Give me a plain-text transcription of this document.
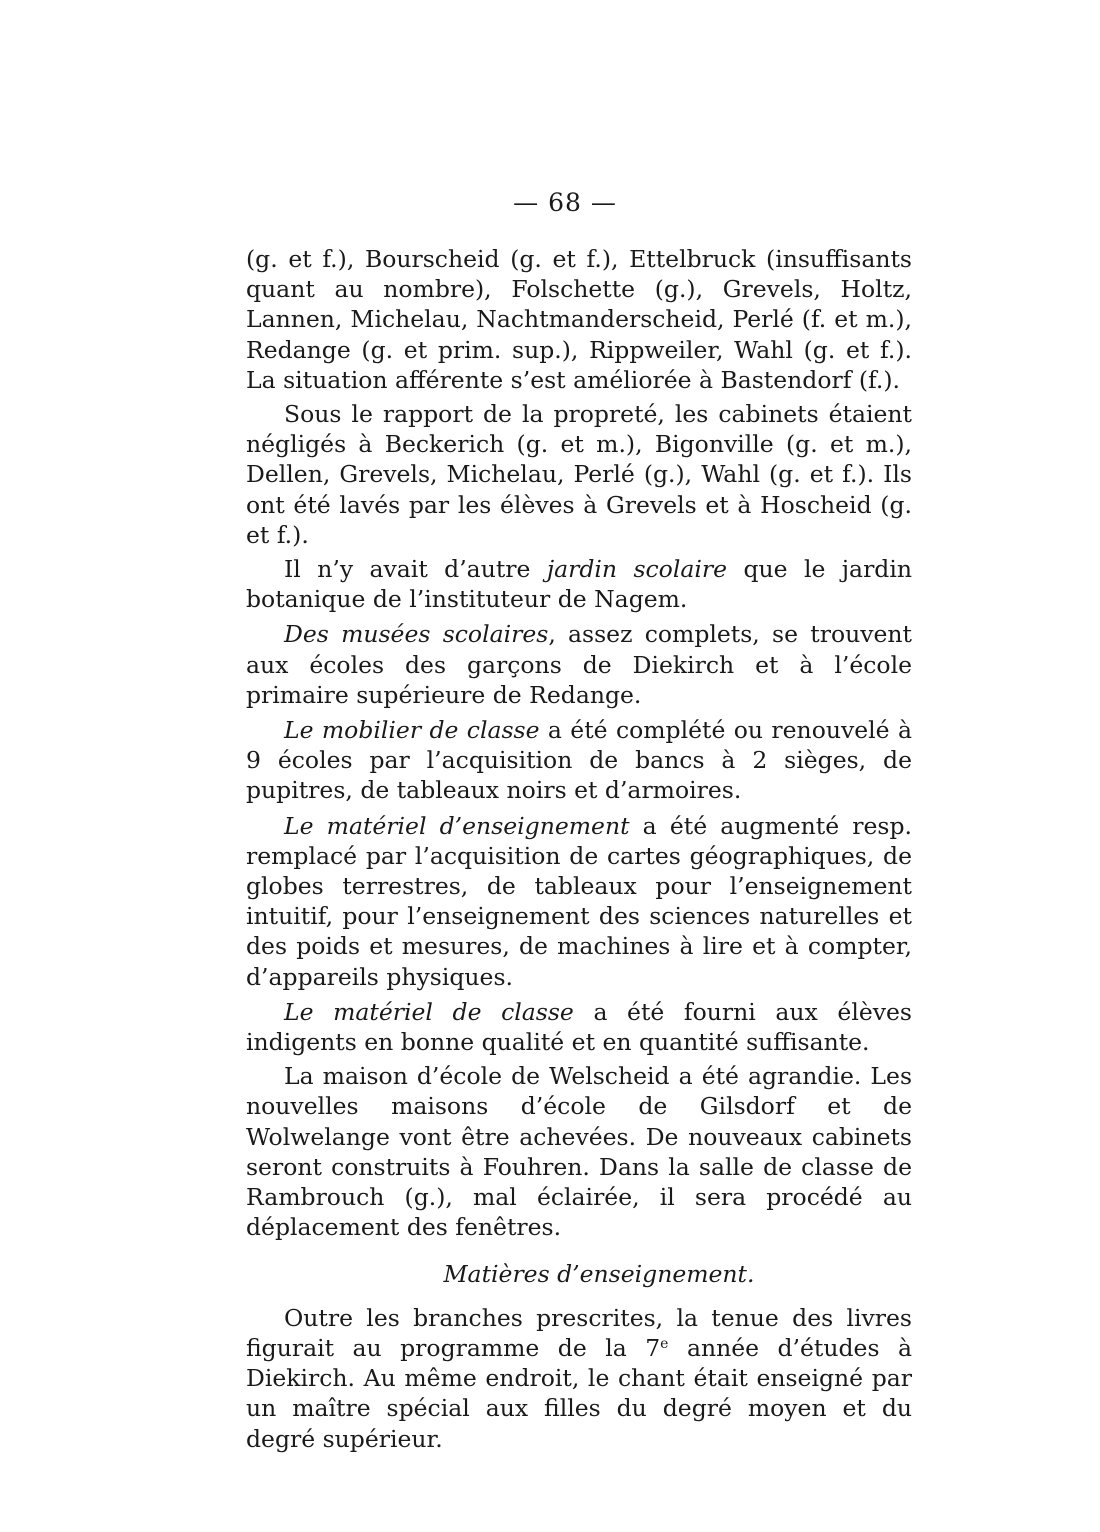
— 68 —

(g. et f.), Bourscheid (g. et f.), Ettelbruck (insuffisants quant au nombre), Folschette (g.), Grevels, Holtz, Lannen, Michelau, Nachtmanderscheid, Perlé (f. et m.), Redange (g. et prim. sup.), Rippweiler, Wahl (g. et f.). La situation afférente s’est améliorée à Bastendorf (f.).

Sous le rapport de la propreté, les cabinets étaient négligés à Beckerich (g. et m.), Bigonville (g. et m.), Dellen, Grevels, Michelau, Perlé (g.), Wahl (g. et f.). Ils ont été lavés par les élèves à Grevels et à Hoscheid (g. et f.).

Il n’y avait d’autre jardin scolaire que le jardin botanique de l’instituteur de Nagem.

Des musées scolaires, assez complets, se trouvent aux écoles des garçons de Diekirch et à l’école primaire supérieure de Redange.

Le mobilier de classe a été complété ou renouvelé à 9 écoles par l’acquisition de bancs à 2 sièges, de pupitres, de tableaux noirs et d’armoires.

Le matériel d’enseignement a été augmenté resp. remplacé par l’acquisition de cartes géographiques, de globes terrestres, de tableaux pour l’enseignement intuitif, pour l’enseignement des sciences naturelles et des poids et mesures, de machines à lire et à compter, d’appareils physiques.

Le matériel de classe a été fourni aux élèves indigents en bonne qualité et en quantité suffisante.

La maison d’école de Welscheid a été agrandie. Les nouvelles maisons d’école de Gilsdorf et de Wolwelange vont être achevées. De nouveaux cabinets seront construits à Fouhren. Dans la salle de classe de Rambrouch (g.), mal éclairée, il sera procédé au déplacement des fenêtres.

Matières d’enseignement.

Outre les branches prescrites, la tenue des livres figurait au programme de la 7e année d’études à Diekirch. Au même endroit, le chant était enseigné par un maître spécial aux filles du degré moyen et du degré supérieur.
